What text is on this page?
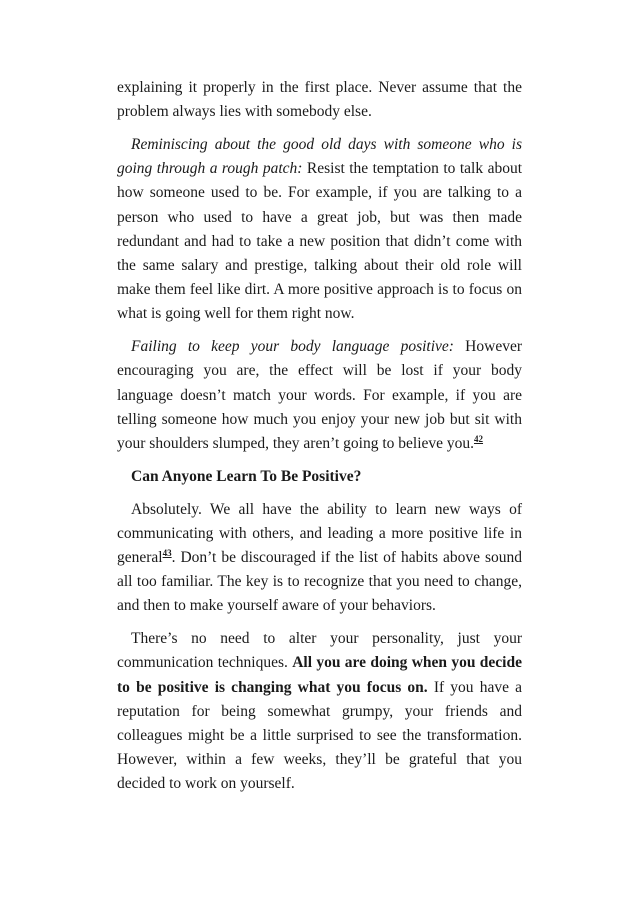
explaining it properly in the first place. Never assume that the problem always lies with somebody else.

Reminiscing about the good old days with someone who is going through a rough patch: Resist the temptation to talk about how someone used to be. For example, if you are talking to a person who used to have a great job, but was then made redundant and had to take a new position that didn’t come with the same salary and prestige, talking about their old role will make them feel like dirt. A more positive approach is to focus on what is going well for them right now.

Failing to keep your body language positive: However encouraging you are, the effect will be lost if your body language doesn’t match your words. For example, if you are telling someone how much you enjoy your new job but sit with your shoulders slumped, they aren’t going to believe you.$^{42}$

Can Anyone Learn To Be Positive?

Absolutely. We all have the ability to learn new ways of communicating with others, and leading a more positive life in general$^{43}$. Don’t be discouraged if the list of habits above sound all too familiar. The key is to recognize that you need to change, and then to make yourself aware of your behaviors.

There’s no need to alter your personality, just your communication techniques. All you are doing when you decide to be positive is changing what you focus on. If you have a reputation for being somewhat grumpy, your friends and colleagues might be a little surprised to see the transformation. However, within a few weeks, they’ll be grateful that you decided to work on yourself.
